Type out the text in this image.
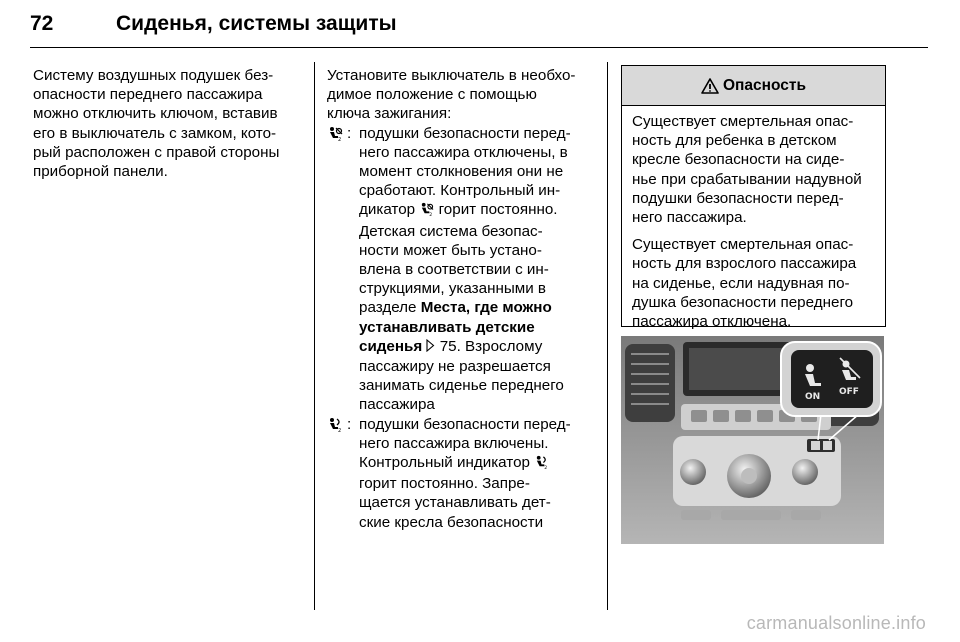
72	Сиденья, системы защиты

Систему воздушных подушек без-
опасности переднего пассажира
можно отключить ключом, вставив
его в выключатель с замком, кото-
рый расположен с правой стороны
приборной панели.

Установите выключатель в необхо-
димое положение с помощью
ключа зажигания:

2 : подушки безопасности перед-
него пассажира отключены, в
момент столкновения они не
сработают. Контрольный ин-
дикатор	2 горит постоянно.
Детская система безопас-
ности может быть устано-
влена в соответствии с ин-
струкциями, указанными в
разделе Места, где можно
устанавливать детские
сиденья 75. Взрослому
пассажиру не разрешается
занимать сиденье переднего
пассажира
2 : подушки безопасности перед-
него пассажира включены.
Контрольный индикатор	2
горит постоянно. Запре-
щается устанавливать дет-
ские кресла безопасности
Опасность

Существует смертельная опас-
ность для ребенка в детском
кресле безопасности на сиде-
нье при срабатывании надувной
подушки безопасности перед-
него пассажира.

Существует смертельная опас-
ность для взрослого пассажира
на сиденье, если надувная по-
душка безопасности переднего
пассажира отключена.

ON OFF
carmanualsonline.info
